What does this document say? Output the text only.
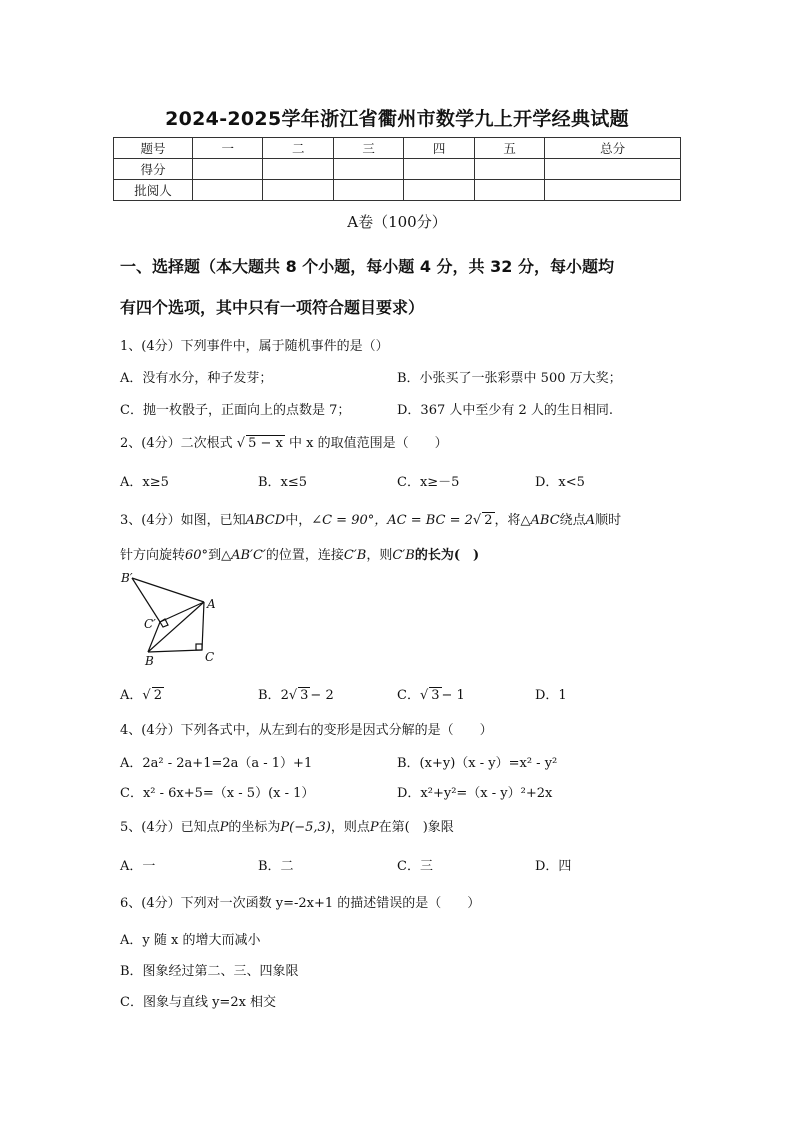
2024-2025学年浙江省衢州市数学九上开学经典试题
题号	一	二	三	四	五	总分
得分						
批阅人						
A卷（100分）
一、选择题（本大题共 8 个小题，每小题 4 分，共 32 分，每小题均
有四个选项，其中只有一项符合题目要求）
1、(4分）下列事件中，属于随机事件的是（）
A．没有水分，种子发芽；	B．小张买了一张彩票中 500 万大奖；
C．抛一枚骰子，正面向上的点数是 7；	D．367 人中至少有 2 人的生日相同.
2、(4分）二次根式 √ 5 − x 中 x 的取值范围是（　　）
A．x≥5	B．x≤5	C．x≥－5	D．x<5
3、(4分）如图，已知ABCD中，∠C = 90°，AC = BC = 2√ 2 ，将△ABC绕点A顺时
针方向旋转60°到△AB′C′的位置，连接C′B，则C′B的长为(　)
B′
A
C′
B	C
A．√ 2	B．2√ 3 − 2	C．√ 3 − 1	D．1
4、(4分）下列各式中，从左到右的变形是因式分解的是（　　）
A．2a² - 2a+1=2a（a - 1）+1	B．(x+y)（x - y）=x² - y²
C．x² - 6x+5=（x - 5）(x - 1）	D．x²+y²=（x - y）²+2x
5、(4分）已知点P的坐标为P(−5,3)，则点P在第(　)象限
A．一	B．二	C．三	D．四
6、(4分）下列对一次函数 y=-2x+1 的描述错误的是（　　）
A．y 随 x 的增大而减小
B．图象经过第二、三、四象限
C．图象与直线 y=2x 相交
